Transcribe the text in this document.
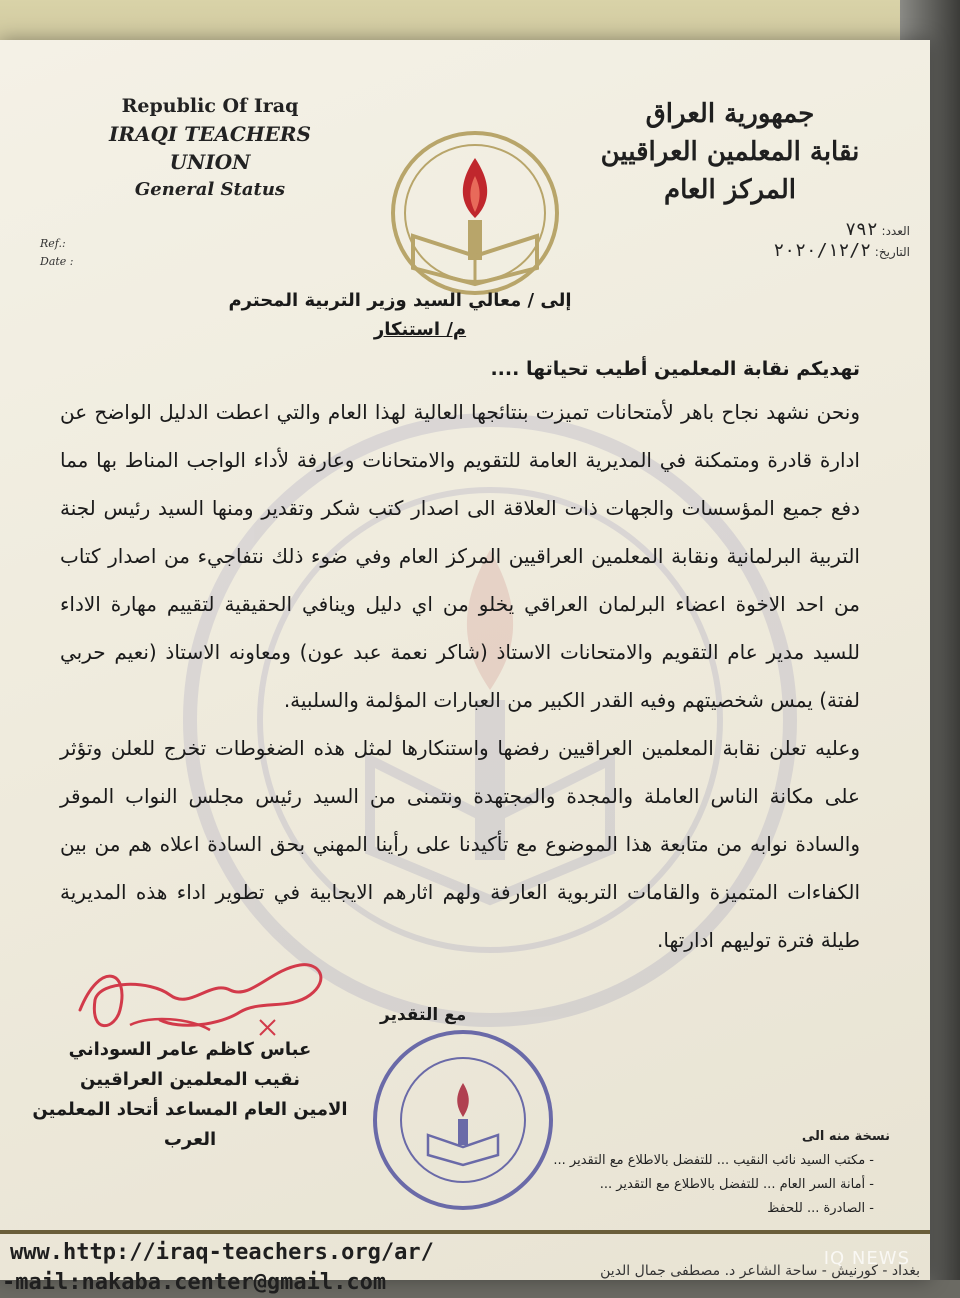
Republic Of Iraq
IRAQI TEACHERS UNION
General Status
جمهورية العراق
نقابة المعلمين العراقيين
المركز العام
Ref.:
Date :
العدد: ٧٩٢
التاريخ: ٢٠٢٠/١٢/٢

إلى / معالي السيد وزير التربية المحترم

م/ استنكار

تهديكم نقابة المعلمين أطيب تحياتها ....

ونحن نشهد نجاح باهر لأمتحانات تميزت بنتائجها العالية لهذا العام والتي اعطت الدليل الواضح عن ادارة قادرة ومتمكنة في المديرية العامة للتقويم والامتحانات وعارفة لأداء الواجب المناط بها مما دفع جميع المؤسسات والجهات ذات العلاقة الى اصدار كتب شكر وتقدير ومنها السيد رئيس لجنة التربية البرلمانية ونقابة المعلمين العراقيين المركز العام وفي ضوء ذلك نتفاجيء من اصدار كتاب من احد الاخوة اعضاء البرلمان العراقي يخلو من اي دليل وينافي الحقيقية لتقييم مهارة الاداء للسيد مدير عام التقويم والامتحانات الاستاذ (شاكر نعمة عبد عون) ومعاونه الاستاذ (نعيم حربي لفتة) يمس شخصيتهم وفيه القدر الكبير من العبارات المؤلمة والسلبية.

وعليه تعلن نقابة المعلمين العراقيين رفضها واستنكارها لمثل هذه الضغوطات تخرج للعلن وتؤثر على مكانة الناس العاملة والمجدة والمجتهدة ونتمنى من السيد رئيس مجلس النواب الموقر والسادة نوابه من متابعة هذا الموضوع مع تأكيدنا على رأينا المهني بحق السادة اعلاه هم من بين الكفاءات المتميزة والقامات التربوية العارفة ولهم اثارهم الايجابية في تطوير اداء هذه المديرية طيلة فترة توليهم ادارتها.

عباس كاظم عامر السوداني
نقيب المعلمين العراقيين
الامين العام المساعد أتحاد المعلمين العرب
مع التقدير
نسخة منه الى
- مكتب السيد نائب النقيب ... للتفضل بالاطلاع مع التقدير ...
- أمانة السر العام ... للتفضل بالاطلاع مع التقدير ...
- الصادرة ... للحفظ
www.http://iraq-teachers.org/ar/
-mail:nakaba.center@gmail.com	بغداد - كورنيش - ساحة الشاعر د. مصطفى جمال الدين
IQ NEWS
